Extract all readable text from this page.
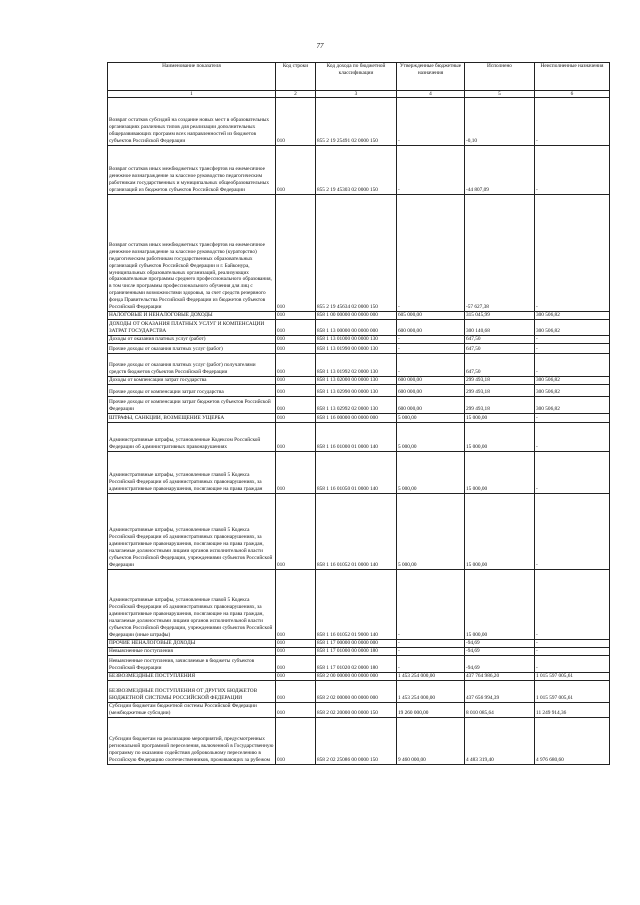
77
Наименование показателя	Код строки	Код дохода по бюджетной классификации	Утвержденные бюджетные назначения	Исполнено	Неисполненные назначения
1	2	3	4	5	6
Возврат остатков субсидий на создание новых мест в образовательных организациях различных типов для реализации дополнительных общеразвивающих программ всех направленностей из бюджетов субъектов Российской Федерации	010	855 2 19 25491 02 0000 150	-	-0,10	-
Возврат остатков иных межбюджетных трансфертов на ежемесячное денежное вознаграждение за классное руководство педагогическим работникам государственных и муниципальных общеобразовательных организаций из бюджетов субъектов Российской Федерации	010	855 2 19 45303 02 0000 150	-	-44 807,09	-
Возврат остатков иных межбюджетных трансфертов на ежемесячное денежное вознаграждение за классное руководство (кураторство) педагогическим работникам государственных образовательных организаций субъектов Российской Федерации и г. Байконура, муниципальных образовательных организаций, реализующих образовательные программы среднего профессионального образования, в том числе программы профессионального обучения для лиц с ограниченными возможностями здоровья, за счет средств резервного фонда Правительства Российской Федерации из бюджетов субъектов Российской Федерации	010	855 2 19 45634 02 0000 150	-	-57 627,38	-
НАЛОГОВЫЕ И НЕНАЛОГОВЫЕ ДОХОДЫ	010	858 1 00 00000 00 0000 000	605 000,00	315 045,99	300 506,82
ДОХОДЫ ОТ ОКАЗАНИЯ ПЛАТНЫХ УСЛУГ И КОМПЕНСАЦИИ ЗАТРАТ ГОСУДАРСТВА	010	858 1 13 00000 00 0000 000	600 000,00	300 140,68	300 506,82
Доходы от оказания платных услуг (работ)	010	858 1 13 01000 00 0000 130	-	647,50	-
Прочие доходы от оказания платных услуг (работ)	010	858 1 13 01990 00 0000 130	-	647,50	-
Прочие доходы от оказания платных услуг (работ) получателями средств бюджетов субъектов Российской Федерации	010	858 1 13 01992 02 0000 130	-	647,50	-
Доходы от компенсации затрат государства	010	858 1 13 02000 00 0000 130	600 000,00	299 493,18	300 506,82
Прочие доходы от компенсации затрат государства	010	858 1 13 02990 00 0000 130	600 000,00	299 493,18	300 506,82
Прочие доходы от компенсации затрат бюджетов субъектов Российской Федерации	010	858 1 13 02992 02 0000 130	600 000,00	299 493,18	300 506,82
ШТРАФЫ, САНКЦИИ, ВОЗМЕЩЕНИЕ УЩЕРБА	010	858 1 16 00000 00 0000 000	5 000,00	15 000,00	-
Административные штрафы, установленные Кодексом Российской Федерации об административных правонарушениях	010	858 1 16 01000 01 0000 140	5 000,00	15 000,00	-
Административные штрафы, установленные главой 5 Кодекса Российской Федерации об административных правонарушениях, за административные правонарушения, посягающие на права граждан	010	858 1 16 01050 01 0000 140	5 000,00	15 000,00	-
Административные штрафы, установленные главой 5 Кодекса Российской Федерации об административных правонарушениях, за административные правонарушения, посягающие на права граждан, налагаемые должностными лицами органов исполнительной власти субъектов Российской Федерации, учреждениями субъектов Российской Федерации	010	858 1 16 01052 01 0000 140	5 000,00	15 000,00	-
Административные штрафы, установленные главой 5 Кодекса Российской Федерации об административных правонарушениях, за административные правонарушения, посягающие на права граждан, налагаемые должностными лицами органов исполнительной власти субъектов Российской Федерации, учреждениями субъектов Российской Федерации (иные штрафы)	010	858 1 16 01052 01 9000 140	-	15 000,00	-
ПРОЧИЕ НЕНАЛОГОВЫЕ ДОХОДЫ	010	858 1 17 00000 00 0000 000	-	-94,69	-
Невыясненные поступления	010	858 1 17 01000 00 0000 180	-	-94,69	-
Невыясненные поступления, зачисляемые в бюджеты субъектов Российской Федерации	010	858 1 17 01020 02 0000 180	-	-94,69	-
БЕЗВОЗМЕЗДНЫЕ ПОСТУПЛЕНИЯ	010	858 2 00 00000 00 0000 000	1 453 254 000,00	437 764 986,20	1 015 597 005,61
БЕЗВОЗМЕЗДНЫЕ ПОСТУПЛЕНИЯ ОТ ДРУГИХ БЮДЖЕТОВ БЮДЖЕТНОЙ СИСТЕМЫ РОССИЙСКОЙ ФЕДЕРАЦИИ	010	858 2 02 00000 00 0000 000	1 453 254 000,00	437 656 994,39	1 015 597 005,61
Субсидии бюджетам бюджетной системы Российской Федерации (межбюджетные субсидии)	010	858 2 02 20000 00 0000 150	19 260 000,00	8 010 085,64	11 249 914,36
Субсидии бюджетам на реализацию мероприятий, предусмотренных региональной программой переселения, включенной в Государственную программу по оказанию содействия добровольному переселению в Российскую Федерацию соотечественников, проживающих за рубежом	010	858 2 02 25086 00 0000 150	9 460 000,00	4 483 319,40	4 976 680,60
